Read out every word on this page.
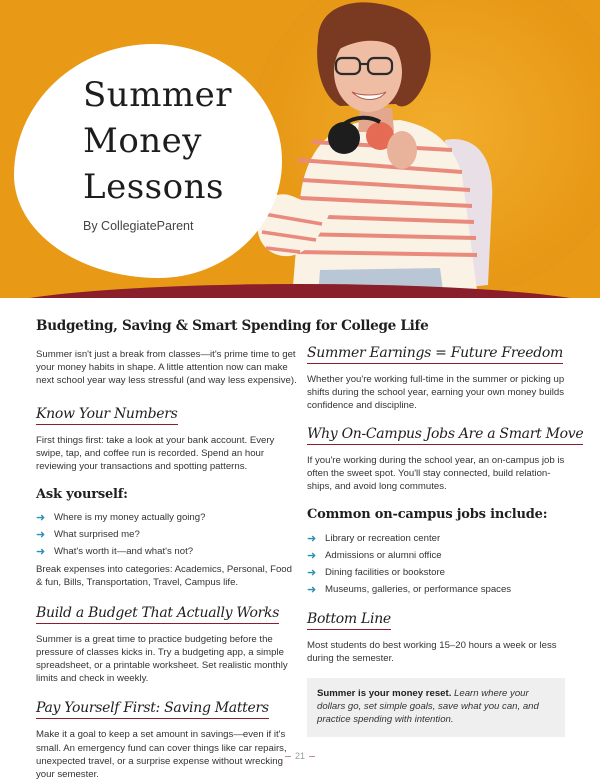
Summer
Money
Lessons
By CollegiateParent
Budgeting, Saving & Smart Spending for College Life

Summer isn't just a break from classes—it's prime time to get your money habits in shape. A little attention now can make next school year way less stressful (and way less expensive).

Know Your Numbers

First things first: take a look at your bank account. Every swipe, tap, and coffee run is recorded. Spend an hour reviewing your transactions and spotting patterns.

Ask yourself:
➜ Where is my money actually going?
➜ What surprised me?
➜ What's worth it—and what's not?

Break expenses into categories: Academics, Personal, Food & fun, Bills, Transportation, Travel, Campus life.

Build a Budget That Actually Works

Summer is a great time to practice budgeting before the pressure of classes kicks in. Try a budgeting app, a simple spreadsheet, or a printable worksheet. Set realistic monthly limits and check in weekly.

Pay Yourself First: Saving Matters

Make it a goal to keep a set amount in savings—even if it's small. An emergency fund can cover things like car repairs, unexpected travel, or a surprise expense without wrecking your semester.

Summer Earnings = Future Freedom

Whether you're working full-time in the summer or picking up shifts during the school year, earning your own money builds confidence and discipline.

Why On-Campus Jobs Are a Smart Move

If you're working during the school year, an on-campus job is often the sweet spot. You'll stay connected, build relation-ships, and avoid long commutes.

Common on-campus jobs include:
➜ Library or recreation center
➜ Admissions or alumni office
➜ Dining facilities or bookstore
➜ Museums, galleries, or performance spaces
Bottom Line

Most students do best working 15–20 hours a week or less during the semester.

Summer is your money reset. Learn where your dollars go, set simple goals, save what you can, and practice spending with intention.
21
